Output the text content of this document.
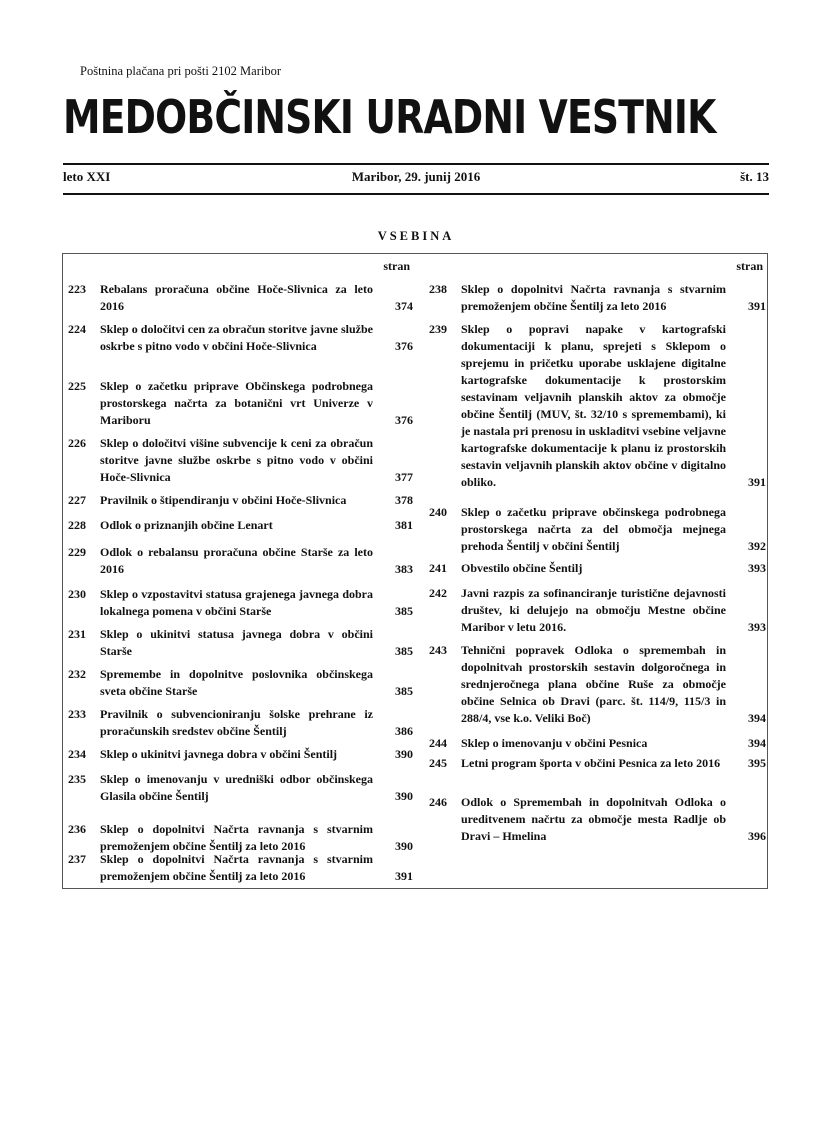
Poštnina plačana pri pošti 2102 Maribor
MEDOBČINSKI URADNI VESTNIK
leto XXI	Maribor, 29. junij 2016	št. 13
VSEBINA
stran
223	Rebalans proračuna občine Hoče-Slivnica za leto 2016	374
224	Sklep o določitvi cen za obračun storitve javne službe oskrbe s pitno vodo v občini Hoče-Slivnica	376
225	Sklep o začetku priprave Občinskega podrobnega prostorskega načrta za botanični vrt Univerze v Mariboru	376
226	Sklep o določitvi višine subvencije k ceni za obračun storitve javne službe oskrbe s pitno vodo v občini Hoče-Slivnica	377
227	Pravilnik o štipendiranju v občini Hoče-Slivnica	378
228	Odlok o priznanjih občine Lenart	381
229	Odlok o rebalansu proračuna občine Starše za leto 2016	383
230	Sklep o vzpostavitvi statusa grajenega javnega dobra lokalnega pomena v občini Starše	385
231	Sklep o ukinitvi statusa javnega dobra v občini Starše	385
232	Spremembe in dopolnitve poslovnika občinskega sveta občine Starše	385
233	Pravilnik o subvencioniranju šolske prehrane iz proračunskih sredstev občine Šentilj	386
234	Sklep o ukinitvi javnega dobra v občini Šentilj	390
235	Sklep o imenovanju v uredniški odbor občinskega Glasila občine Šentilj	390
236	Sklep o dopolnitvi Načrta ravnanja s stvarnim premoženjem občine Šentilj za leto 2016	390
237	Sklep o dopolnitvi Načrta ravnanja s stvarnim premoženjem občine Šentilj za leto 2016	391
stran
238	Sklep o dopolnitvi Načrta ravnanja s stvarnim premoženjem občine Šentilj za leto 2016	391
239	Sklep o popravi napake v kartografski dokumentaciji k planu, sprejeti s Sklepom o sprejemu in pričetku uporabe usklajene digitalne kartografske dokumentacije k prostorskim sestavinam veljavnih planskih aktov za območje občine Šentilj (MUV, št. 32/10 s spremembami), ki je nastala pri prenosu in uskladitvi vsebine veljavne kartografske dokumentacije k planu iz prostorskih sestavin veljavnih planskih aktov občine v digitalno obliko.	391
240	Sklep o začetku priprave občinskega podrobnega prostorskega načrta za del območja mejnega prehoda Šentilj v občini Šentilj	392
241	Obvestilo občine Šentilj	393
242	Javni razpis za sofinanciranje turistične dejavnosti društev, ki delujejo na območju Mestne občine Maribor v letu 2016.	393
243	Tehnični popravek Odloka o spremembah in dopolnitvah prostorskih sestavin dolgoročnega in srednjeročnega plana občine Ruše za območje občine Selnica ob Dravi (parc. št. 114/9, 115/3 in 288/4, vse k.o. Veliki Boč)	394
244	Sklep o imenovanju v občini Pesnica	394
245	Letni program športa v občini Pesnica za leto 2016	395
246	Odlok o Spremembah in dopolnitvah Odloka o ureditvenem načrtu za območje mesta Radlje ob Dravi – Hmelina	396
